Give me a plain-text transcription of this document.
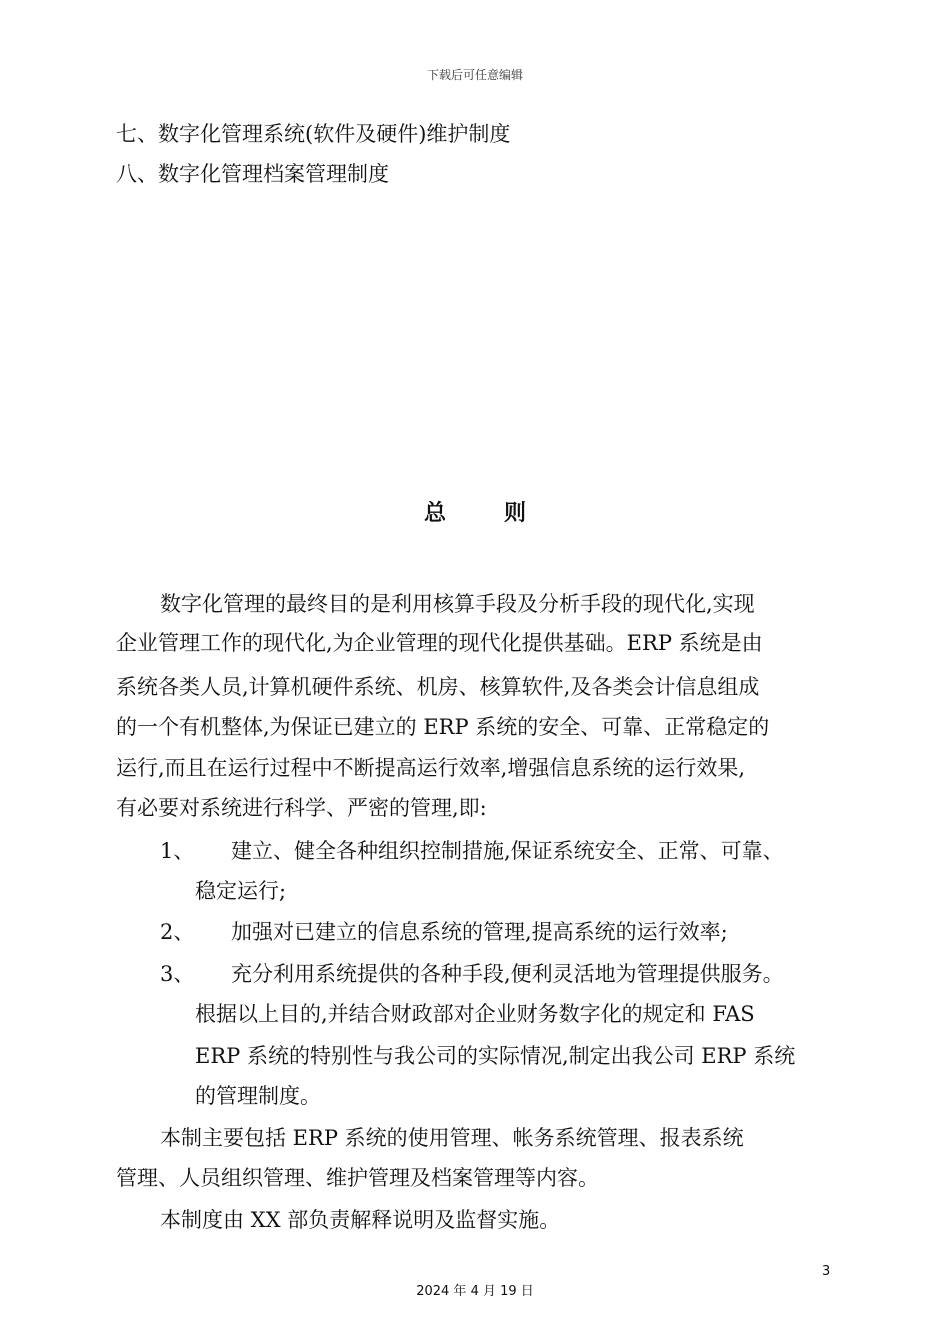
下载后可任意编辑
七、数字化管理系统(软件及硬件)维护制度
八、数字化管理档案管理制度
总则
数字化管理的最终目的是利用核算手段及分析手段的现代化,实现
企业管理工作的现代化,为企业管理的现代化提供基础。ERP 系统是由
系统各类人员,计算机硬件系统、机房、核算软件,及各类会计信息组成
的一个有机整体,为保证已建立的 ERP 系统的安全、可靠、正常稳定的
运行,而且在运行过程中不断提高运行效率,增强信息系统的运行效果,
有必要对系统进行科学、严密的管理,即:
1、 建立、健全各种组织控制措施,保证系统安全、正常、可靠、
稳定运行;
2、 加强对已建立的信息系统的管理,提高系统的运行效率;
3、 充分利用系统提供的各种手段,便利灵活地为管理提供服务。
根据以上目的,并结合财政部对企业财务数字化的规定和 FAS
ERP 系统的特别性与我公司的实际情况,制定出我公司 ERP 系统
的管理制度。
本制主要包括 ERP 系统的使用管理、帐务系统管理、报表系统
管理、人员组织管理、维护管理及档案管理等内容。
本制度由 XX 部负责解释说明及监督实施。
3
2024 年 4 月 19 日
